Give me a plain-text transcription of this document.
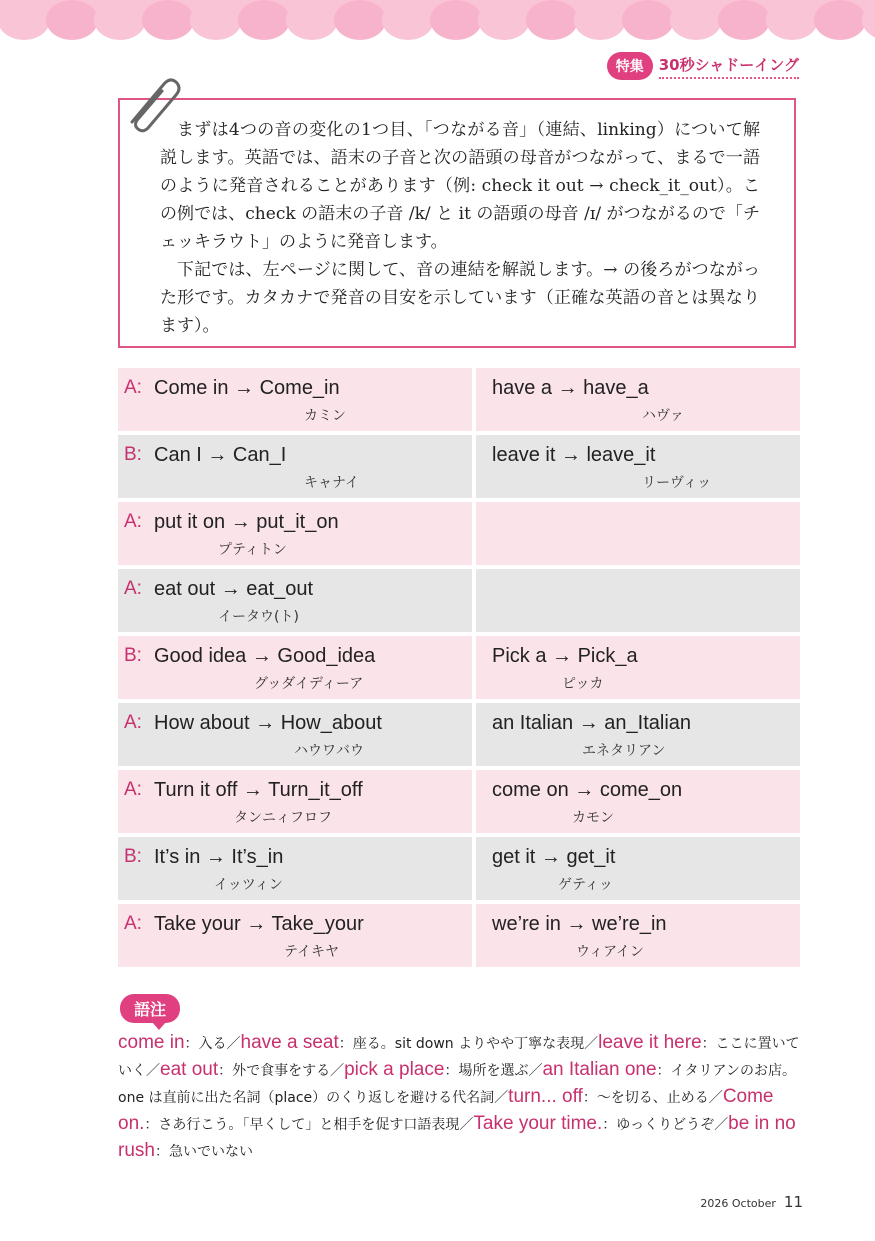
特集	30秒シャドーイング

まずは4つの音の変化の1つ目、「つながる音」（連結、linking）について解説します。英語では、語末の子音と次の語頭の母音がつながって、まるで一語のように発音されることがあります（例: check it out → check_it_out）。この例では、check の語末の子音 /k/ と it の語頭の母音 /ɪ/ がつながるので「チェッキラウト」のように発音します。

下記では、左ページに関して、音の連結を解説します。→ の後ろがつながった形です。カタカナで発音の目安を示しています（正確な英語の音とは異なります）。

A: Come in → Come_in
カミン
have a → have_a
ハヴァ
B: Can I → Can_I
キャナイ
leave it → leave_it
リーヴィッ
A: put it on → put_it_on
プティトン
A: eat out → eat_out
イータウ(ト)
B: Good idea → Good_idea
グッダイディーア
Pick a → Pick_a
ピッカ
A: How about → How_about
ハウワバウ
an Italian → an_Italian
エネタリアン
A: Turn it off → Turn_it_off
タンニィフロフ
come on → come_on
カモン
B: It’s in → It’s_in
イッツィン
get it → get_it
ゲティッ
A: Take your → Take_your
テイキヤ
we’re in → we’re_in
ウィアイン
語注
come in：入る／have a seat：座る。sit down よりやや丁寧な表現／leave it here：ここに置いていく／eat out：外で食事をする／pick a place：場所を選ぶ／an Italian one：イタリアンのお店。one は直前に出た名詞（place）のくり返しを避ける代名詞／turn... off：～を切る、止める／Come on.：さあ行こう。「早くして」と相手を促す口語表現／Take your time.：ゆっくりどうぞ／be in no rush：急いでいない
2026 October 11
